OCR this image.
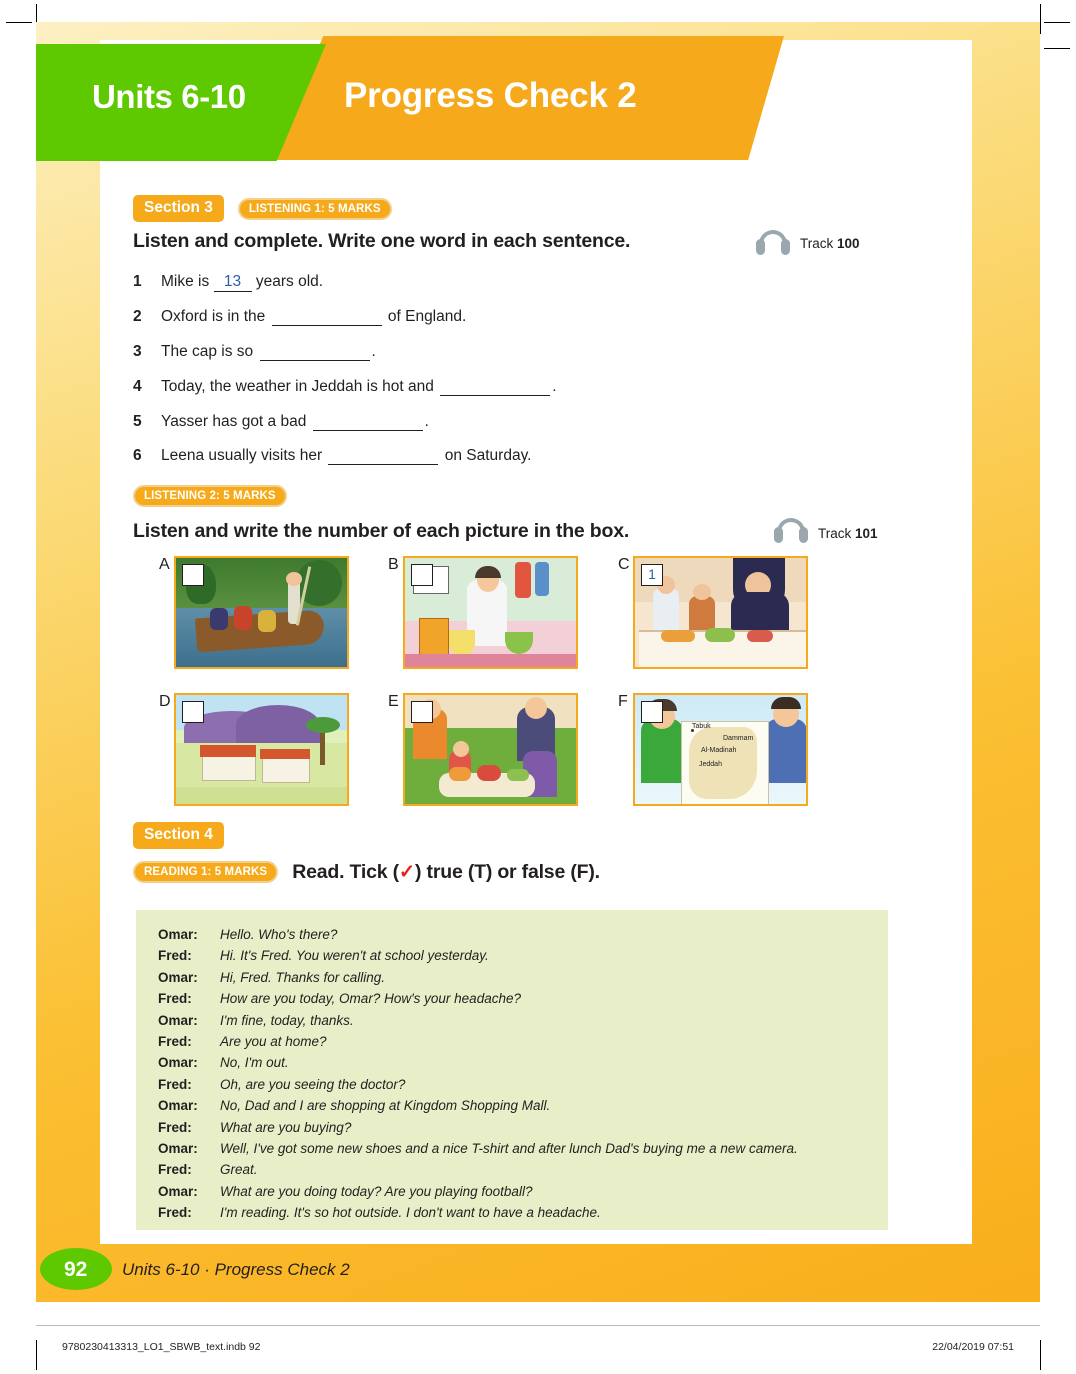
Units 6-10	Progress Check 2
Section 3	LISTENING 1: 5 MARKS
Listen and complete. Write one word in each sentence.	Track 100
1 Mike is 13 years old.
2 Oxford is in the	of England.
3 The cap is so	.
4 Today, the weather in Jeddah is hot and	.
5 Yasser has got a bad	.
6 Leena usually visits her	on Saturday.
LISTENING 2: 5 MARKS
Listen and write the number of each picture in the box.	Track 101
A	B	C
1
D	E	F
Tabuk
Dammam
Al-Madinah
Jeddah
Section 4
READING 1: 5 MARKS	Read. Tick (✓) true (T) or false (F).
Omar:	Hello. Who's there?
Fred:	Hi. It's Fred. You weren't at school yesterday.
Omar:	Hi, Fred. Thanks for calling.
Fred:	How are you today, Omar? How's your headache?
Omar:	I'm fine, today, thanks.
Fred:	Are you at home?
Omar:	No, I'm out.
Fred:	Oh, are you seeing the doctor?
Omar:	No, Dad and I are shopping at Kingdom Shopping Mall.
Fred:	What are you buying?
Omar:	Well, I've got some new shoes and a nice T-shirt and after lunch Dad's buying me a new camera.
Fred:	Great.
Omar:	What are you doing today? Are you playing football?
Fred:	I'm reading. It's so hot outside. I don't want to have a headache.
92 Units 6-10 · Progress Check 2
9780230413313_LO1_SBWB_text.indb 92	22/04/2019 07:51
